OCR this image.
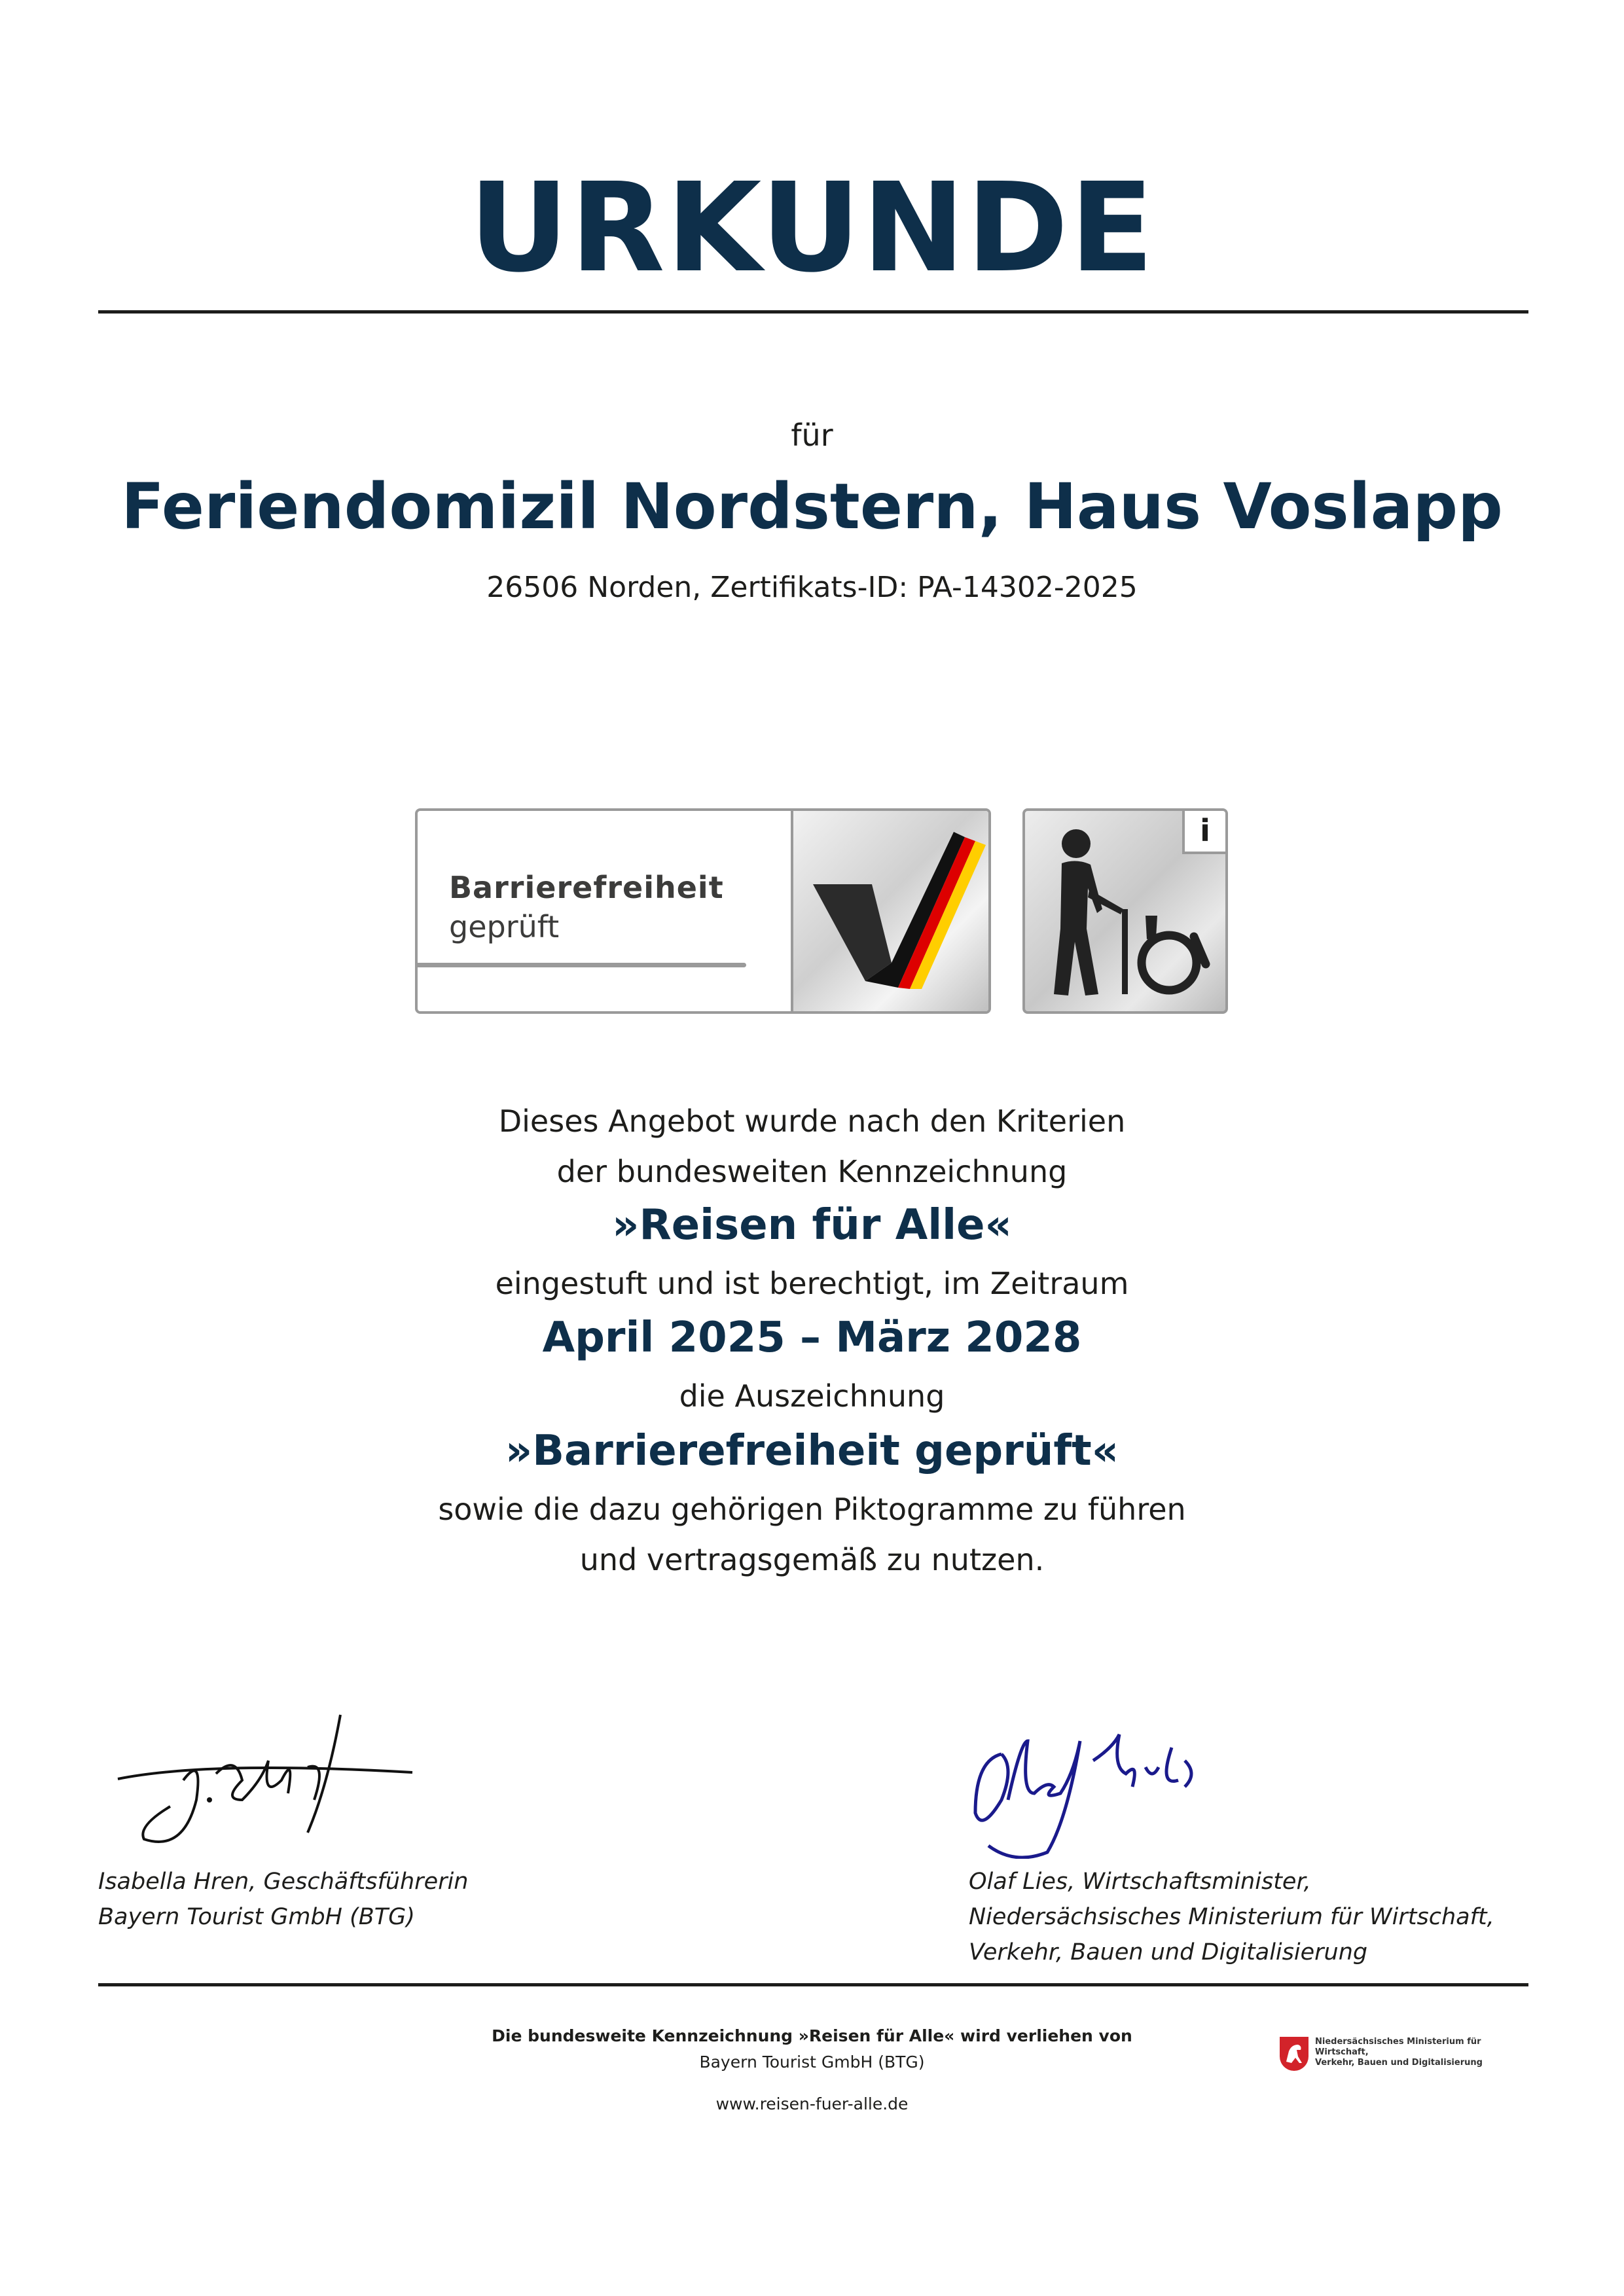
URKUNDE
für
Feriendomizil Nordstern, Haus Voslapp
26506 Norden, Zertifikats-ID: PA-14302-2025
Barrierefreiheit
geprüft
i
Dieses Angebot wurde nach den Kriterien
der bundesweiten Kennzeichnung
»Reisen für Alle«
eingestuft und ist berechtigt, im Zeitraum
April 2025 – März 2028
die Auszeichnung
»Barrierefreiheit geprüft«
sowie die dazu gehörigen Piktogramme zu führen
und vertragsgemäß zu nutzen.
Isabella Hren, Geschäftsführerin
Bayern Tourist GmbH (BTG)
Olaf Lies, Wirtschaftsminister,
Niedersächsisches Ministerium für Wirtschaft,
Verkehr, Bauen und Digitalisierung
Die bundesweite Kennzeichnung »Reisen für Alle« wird verliehen von
Bayern Tourist GmbH (BTG)
www.reisen-fuer-alle.de
Niedersächsisches Ministerium für Wirtschaft,
Verkehr, Bauen und Digitalisierung
